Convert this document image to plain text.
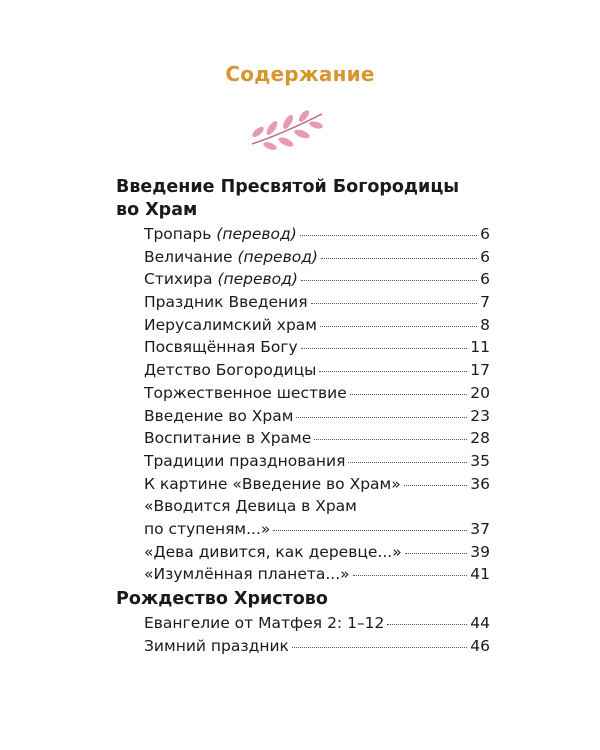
Содержание
Введение Пресвятой Богородицы
во Храм
Тропарь (перевод)	6
Величание (перевод)	6
Стихира (перевод)	6
Праздник Введения	7
Иерусалимский храм	8
Посвящённая Богу	11
Детство Богородицы	17
Торжественное шествие	20
Введение во Храм	23
Воспитание в Храме	28
Традиции празднования	35
К картине «Введение во Храм»	36
«Вводится Девица в Храм
по ступеням...»	37
«Дева дивится, как деревце...»	39
«Изумлённая планета...»	41
Рождество Христово
Евангелие от Матфея 2: 1–12	44
Зимний праздник	46
